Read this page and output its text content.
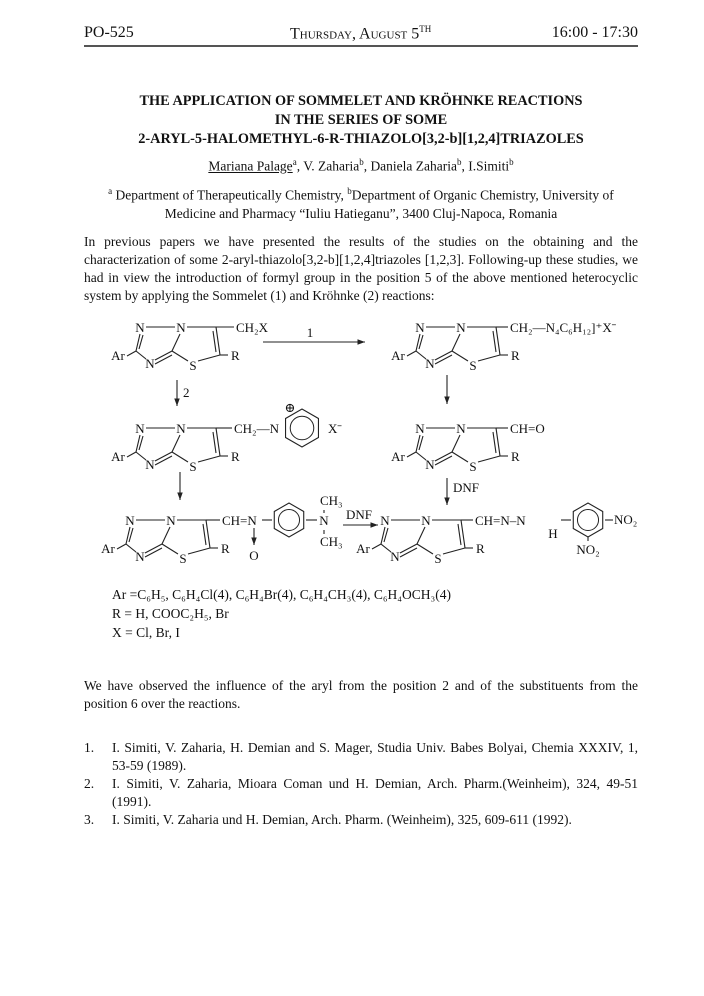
PO-525	Thursday, August 5TH	16:00 - 17:30
THE APPLICATION OF SOMMELET AND KRÖHNKE REACTIONS
IN THE SERIES OF SOME
2-ARYL-5-HALOMETHYL-6-R-THIAZOLO[3,2-b][1,2,4]TRIAZOLES
Mariana Palage$^a$, V. Zaharia$^b$, Daniela Zaharia$^b$, I.Simiti$^b$
$^a$ Department of Therapeutically Chemistry, $^b$Department of Organic Chemistry, University of Medicine and Pharmacy “Iuliu Hatieganu”, 3400 Cluj-Napoca, Romania
In previous papers we have presented the results of the studies on the obtaining and the characterization of some 2-aryl-thiazolo[3,2-b][1,2,4]triazoles [1,2,3]. Following-up these studies, we had in view the introduction of formyl group in the position 5 of the above mentioned heterocyclic system by applying the Sommelet (1) and Kröhnke (2) reactions:
N N
N	S
Ar	R
CH₂X	N N
N	S
Ar	R
CH₂—N₄C₆H₁₂]⁺Xˉ
1
N N
N	S
Ar	R
CH₂—N
⊕
Xˉ
2
N N
N	S
Ar	R
CH=O
N N
N	S
Ar	R
CH=N
O
N
CH₃
CH₃
N N
N	S
Ar	R
CH=N–N
H
NO₂
NO₂
DNF
DNF
Ar =C₆H₅, C₆H₄Cl(4), C₆H₄Br(4), C₆H₄CH₃(4), C₆H₄OCH₃(4)
R = H, COOC₂H₅, Br
X = Cl, Br, I
We have observed the influence of the aryl from the position 2 and of the substituents from the position 6 over the reactions.
1.	I. Simiti, V. Zaharia, H. Demian and S. Mager, Studia Univ. Babes Bolyai, Chemia XXXIV, 1, 53-59 (1989).
2.	I. Simiti, V. Zaharia, Mioara Coman und H. Demian, Arch. Pharm.(Weinheim), 324, 49-51 (1991).
3.	I. Simiti, V. Zaharia und H. Demian, Arch. Pharm. (Weinheim), 325, 609-611 (1992).
